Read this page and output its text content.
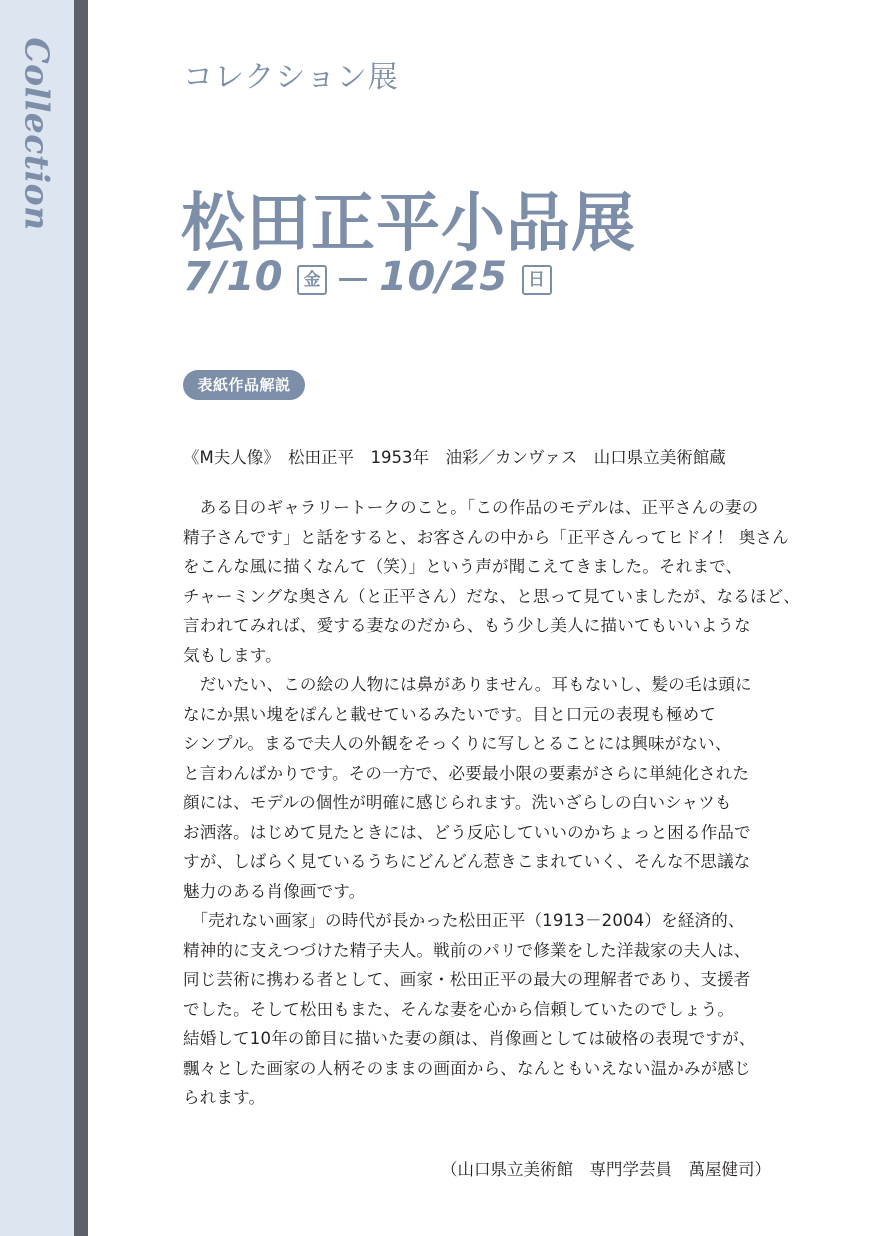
Collection	コレクション展
松田正平小品展
7/10	金 10/25	日
表紙作品解説
《M夫人像》　松田正平　1953年　油彩／カンヴァス　山口県立美術館蔵
　ある日のギャラリートークのこと。「この作品のモデルは、正平さんの妻の
精子さんです」と話をすると、お客さんの中から「正平さんってヒドイ！ 奥さん
をこんな風に描くなんて（笑）」という声が聞こえてきました。それまで、
チャーミングな奥さん（と正平さん）だな、と思って見ていましたが、なるほど、
言われてみれば、愛する妻なのだから、もう少し美人に描いてもいいような
気もします。
　だいたい、この絵の人物には鼻がありません。耳もないし、髪の毛は頭に
なにか黒い塊をぽんと載せているみたいです。目と口元の表現も極めて
シンプル。まるで夫人の外観をそっくりに写しとることには興味がない、
と言わんばかりです。その一方で、必要最小限の要素がさらに単純化された
顔には、モデルの個性が明確に感じられます。洗いざらしの白いシャツも
お洒落。はじめて見たときには、どう反応していいのかちょっと困る作品で
すが、しばらく見ているうちにどんどん惹きこまれていく、そんな不思議な
魅力のある肖像画です。
　「売れない画家」の時代が長かった松田正平（1913－2004）を経済的、
精神的に支えつづけた精子夫人。戦前のパリで修業をした洋裁家の夫人は、
同じ芸術に携わる者として、画家・松田正平の最大の理解者であり、支援者
でした。そして松田もまた、そんな妻を心から信頼していたのでしょう。
結婚して10年の節目に描いた妻の顔は、肖像画としては破格の表現ですが、
飄々とした画家の人柄そのままの画面から、なんともいえない温かみが感じ
られます。
（山口県立美術館　専門学芸員　萬屋健司）
